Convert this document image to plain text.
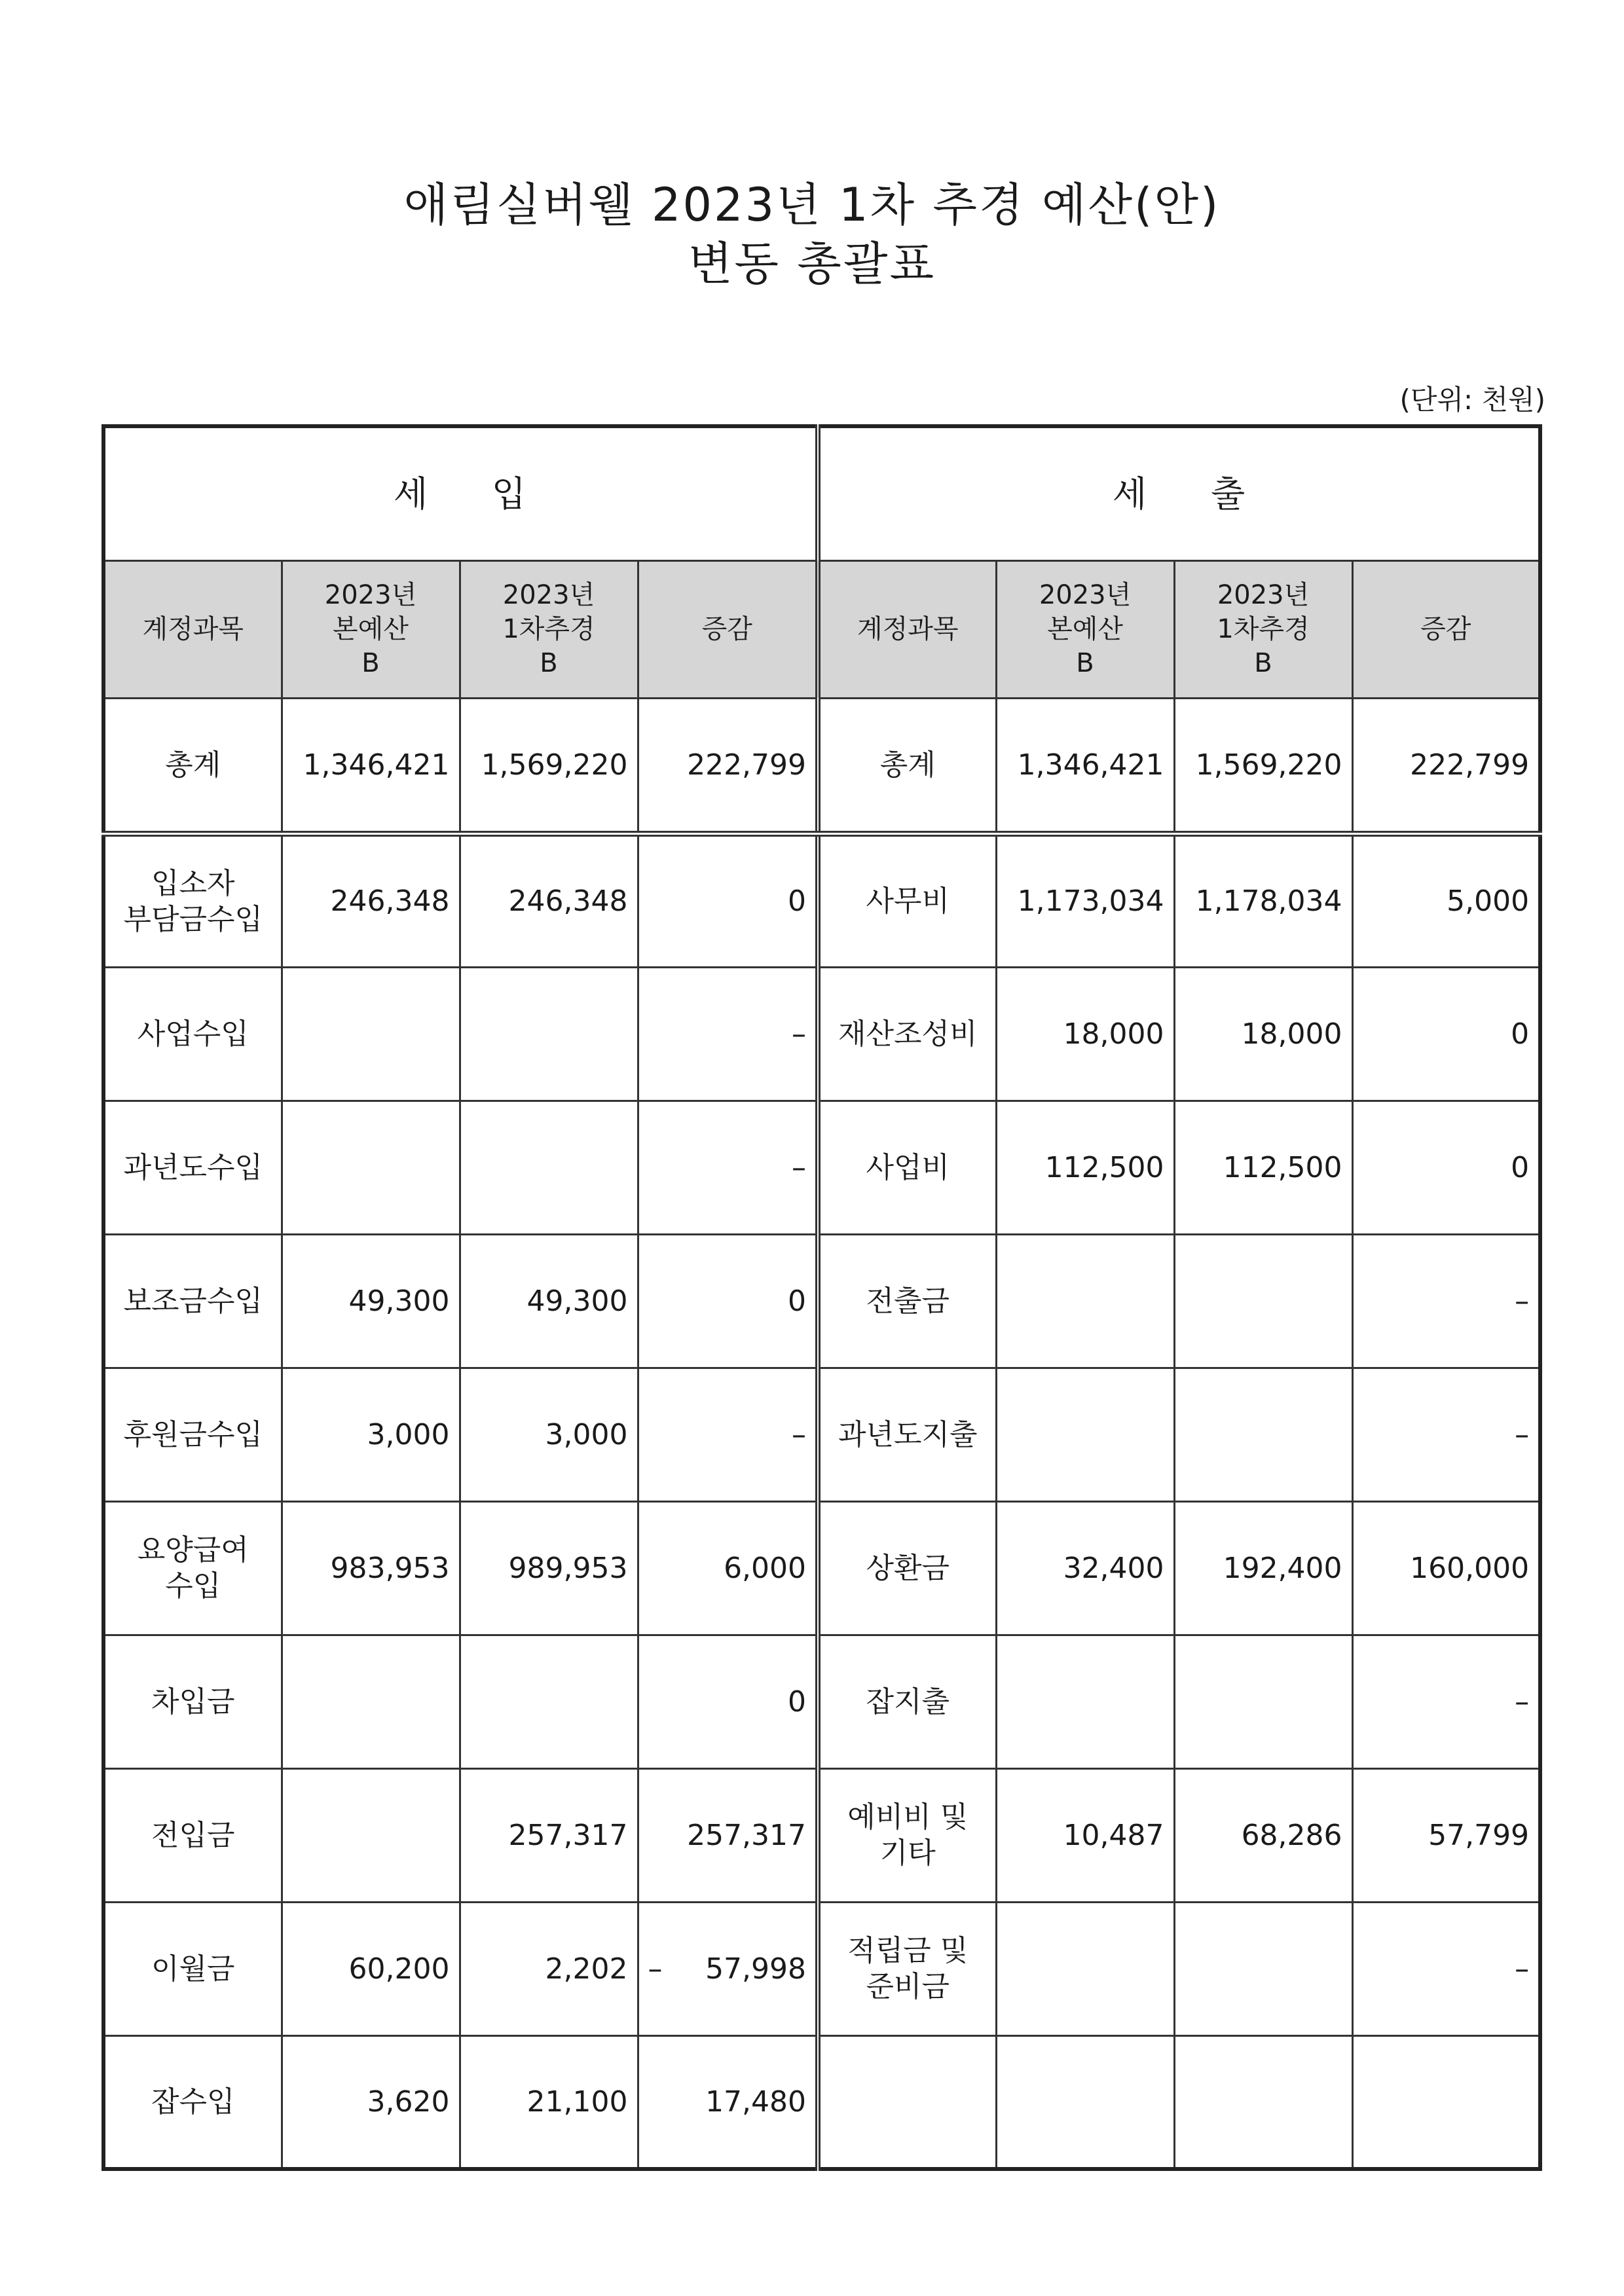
애림실버웰 2023년 1차 추경 예산(안)
변동 총괄표
(단위: 천원)
세     입				세     출			
계정과목	2023년
본예산
B	2023년
1차추경
B	증감	계정과목	2023년
본예산
B	2023년
1차추경
B	증감
총계	1,346,421	1,569,220	222,799	총계	1,346,421	1,569,220	222,799

입소자
부담금수입	246,348	246,348	0	사무비	1,173,034	1,178,034	5,000

사업수입			–	재산조성비	18,000	18,000	0

과년도수입			–	사업비	112,500	112,500	0

보조금수입	49,300	49,300	0	전출금			–

후원금수입	3,000	3,000	–	과년도지출			–

요양급여
수입	983,953	989,953	6,000	상환금	32,400	192,400	160,000

차입금			0	잡지출			–

전입금		257,317	257,317	예비비 및
기타	10,487	68,286	57,799

이월금	60,200	2,202	– 57,998	적립금 및
준비금			–

잡수입	3,620	21,100	17,480	
